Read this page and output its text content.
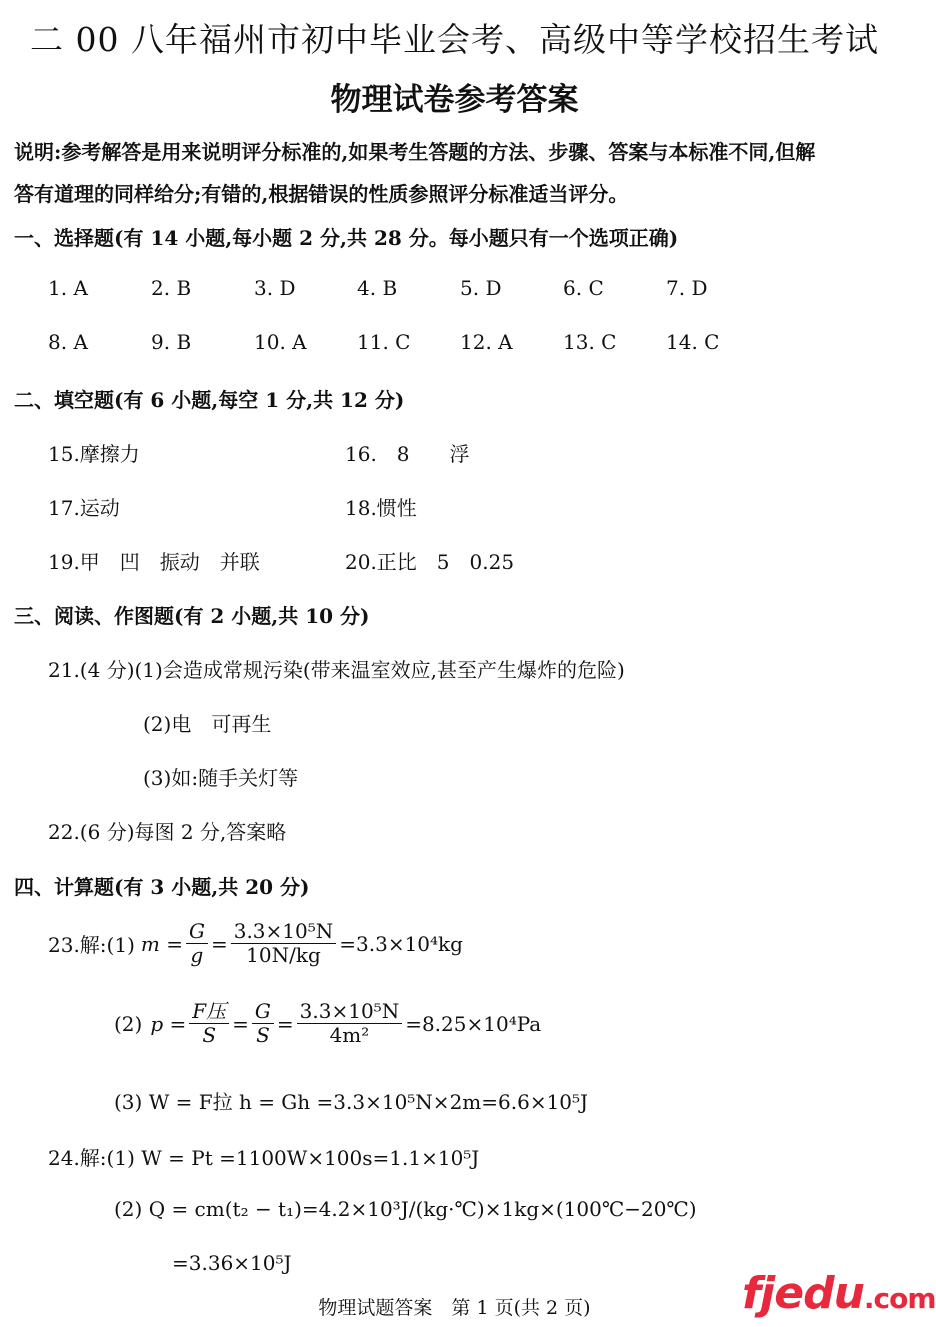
二 00 八年福州市初中毕业会考、高级中等学校招生考试
物理试卷参考答案
说明:参考解答是用来说明评分标准的,如果考生答题的方法、步骤、答案与本标准不同,但解
答有道理的同样给分;有错的,根据错误的性质参照评分标准适当评分。
一、选择题(有 14 小题,每小题 2 分,共 28 分。每小题只有一个选项正确)
1. A	2. B	3. D	4. B	5. D	6. C	7. D
8. A	9. B	10. A	11. C	12. A	13. C	14. C
二、填空题(有 6 小题,每空 1 分,共 12 分)
15.摩擦力	16.　8　　浮
17.运动	18.惯性
19.甲　凹　振动　并联	20.正比　5　0.25
三、阅读、作图题(有 2 小题,共 10 分)
21.(4 分)(1)会造成常规污染(带来温室效应,甚至产生爆炸的危险)
(2)电　可再生
(3)如:随手关灯等
22.(6 分)每图 2 分,答案略
四、计算题(有 3 小题,共 20 分)
23.解:(1) $m = \frac{G}{g} = \frac{\text{3.3×10⁵N}}{10N/kg} =3.3\times 10^4kg$
(2) $p = \frac{\text{F压}}{S} = \frac{G}{S} = \frac{\text{3.3×10⁵N}}{\text{4m²}} =8.25\times 10^4Pa$
(3) W = F拉 h = Gh =3.3×10⁵N×2m=6.6×10⁵J
24.解:(1) W = Pt =1100W×100s=1.1×10⁵J
(2) Q = cm(t₂ − t₁)=4.2×10³J/(kg·℃)×1kg×(100℃−20℃)
=3.36×10⁵J
物理试题答案　第 1 页(共 2 页)	fjedu.com
